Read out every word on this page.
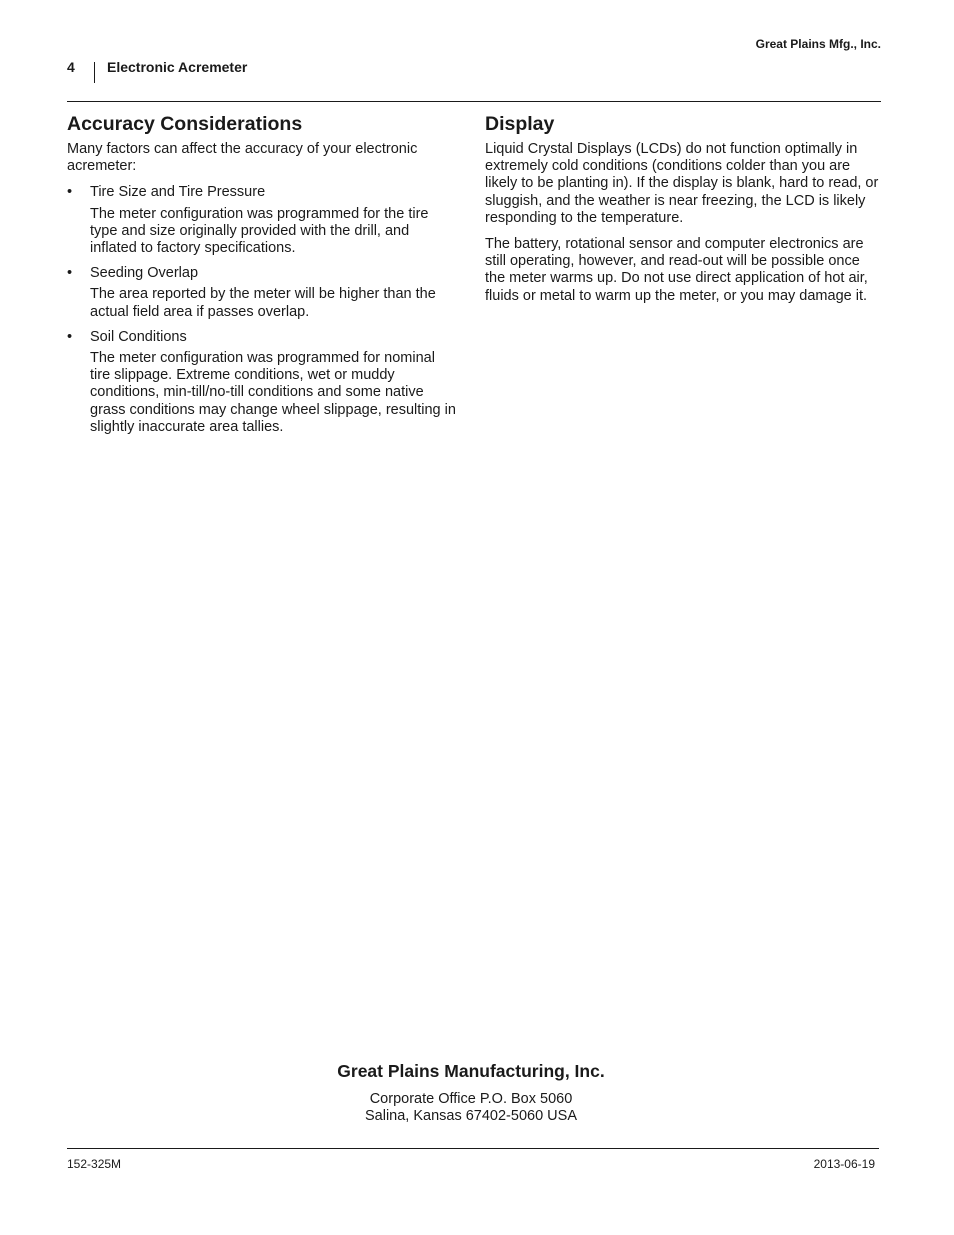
Great Plains Mfg., Inc.
4 Electronic Acremeter
Accuracy Considerations

Many factors can affect the accuracy of your electronic acremeter:

• Tire Size and Tire Pressure

The meter configuration was programmed for the tire type and size originally provided with the drill, and inflated to factory specifications.

• Seeding Overlap

The area reported by the meter will be higher than the actual field area if passes overlap.

• Soil Conditions

The meter configuration was programmed for nominal tire slippage. Extreme conditions, wet or muddy conditions, min-till/no-till conditions and some native grass conditions may change wheel slippage, resulting in slightly inaccurate area tallies.

Display

Liquid Crystal Displays (LCDs) do not function optimally in extremely cold conditions (conditions colder than you are likely to be planting in). If the display is blank, hard to read, or sluggish, and the weather is near freezing, the LCD is likely responding to the temperature.

The battery, rotational sensor and computer electronics are still operating, however, and read-out will be possible once the meter warms up. Do not use direct application of hot air, fluids or metal to warm up the meter, or you may damage it.

Great Plains Manufacturing, Inc.
Corporate Office P.O. Box 5060
Salina, Kansas 67402-5060 USA
152-325M	2013-06-19
